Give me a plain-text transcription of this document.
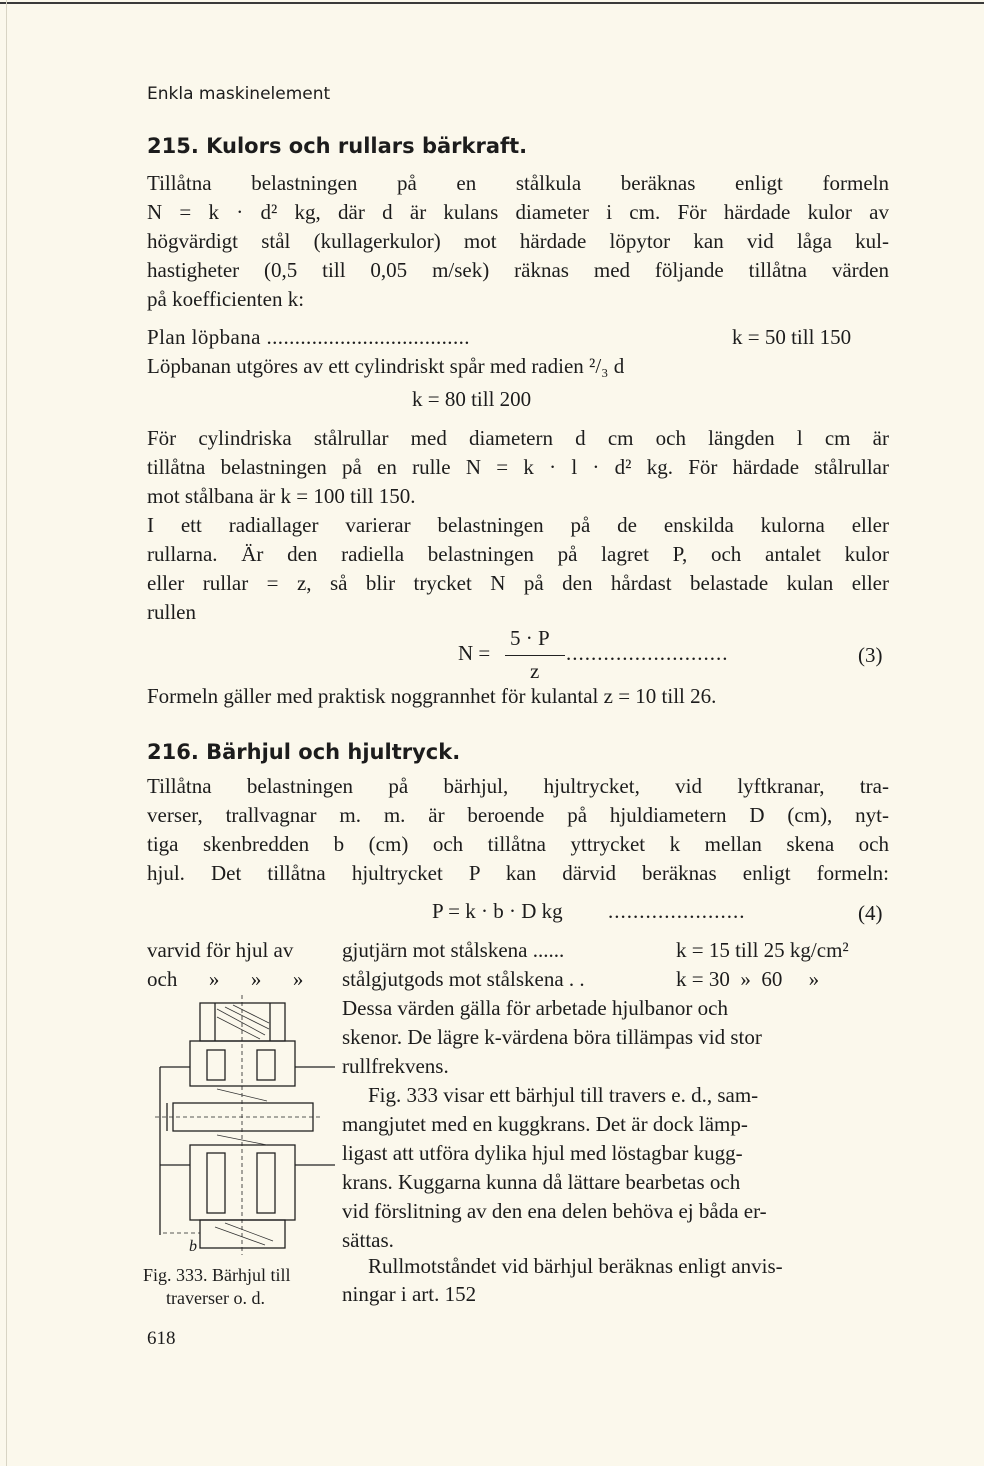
Enkla maskinelement
215. Kulors och rullars bärkraft.
Tillåtna belastningen på en stålkula beräknas enligt formeln
N = k · d² kg, där d är kulans diameter i cm. För härdade kulor av
högvärdigt stål (kullagerkulor) mot härdade löpytor kan vid låga kul-
hastigheter (0,5 till 0,05 m/sek) räknas med följande tillåtna värden
på koefficienten k:
Plan löpbana ....................................	k = 50 till 150
Löpbanan utgöres av ett cylindriskt spår med radien ²/₃ d
k = 80 till 200
För cylindriska stålrullar med diametern d cm och längden l cm är
tillåtna belastningen på en rulle N = k · l · d² kg. För härdade stålrullar
mot stålbana är k = 100 till 150.
I ett radiallager varierar belastningen på de enskilda kulorna eller
rullarna. Är den radiella belastningen på lagret P, och antalet kulor
eller rullar = z, så blir trycket N på den hårdast belastade kulan eller
rullen
5 · P
N =
z
..........................	(3)
Formeln gäller med praktisk noggrannhet för kulantal z = 10 till 26.
216. Bärhjul och hjultryck.
Tillåtna belastningen på bärhjul, hjultrycket, vid lyftkranar, tra-
verser, trallvagnar m. m. är beroende på hjuldiametern D (cm), nyt-
tiga skenbredden b (cm) och tillåtna yttrycket k mellan skena och
hjul. Det tillåtna hjultrycket P kan därvid beräknas enligt formeln:
P = k · b · D kg ......................	(4)
varvid för hjul av gjutjärn mot stålskena ......	k = 15 till 25 kg/cm²
och      »      »      » stålgjutgods mot stålskena . .	k = 30  »  60     »
Dessa värden gälla för arbetade hjulbanor och
skenor. De lägre k-värdena böra tillämpas vid stor
rullfrekvens.
Fig. 333 visar ett bärhjul till travers e. d., sam-
mangjutet med en kuggkrans. Det är dock lämp-
ligast att utföra dylika hjul med löstagbar kugg-
krans. Kuggarna kunna då lättare bearbetas och
vid förslitning av den ena delen behöva ej båda er-
sättas.
Rullmotståndet vid bärhjul beräknas enligt anvis-
ningar i art. 152
b
Fig. 333. Bärhjul till
traverser o. d.
618
